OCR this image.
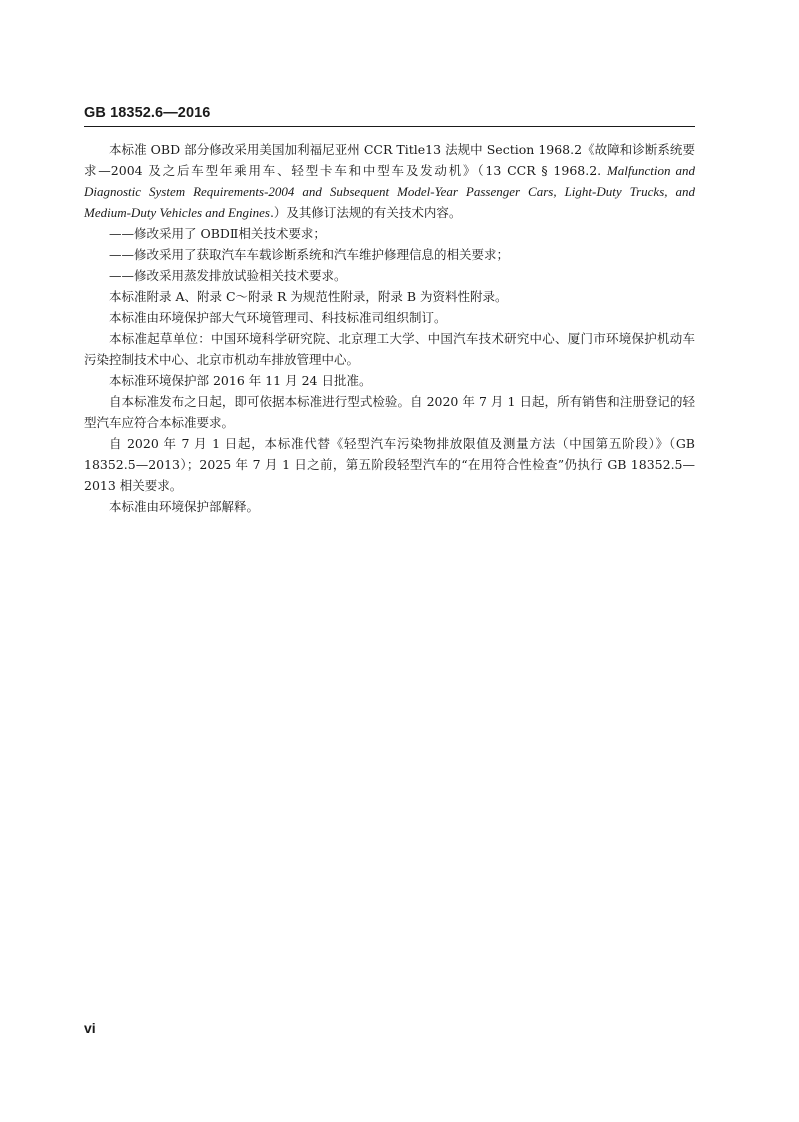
GB 18352.6—2016

本标准 OBD 部分修改采用美国加利福尼亚州 CCR Title13 法规中 Section 1968.2《故障和诊断系统要求—2004 及之后车型年乘用车、轻型卡车和中型车及发动机》（13 CCR § 1968.2. Malfunction and Diagnostic System Requirements-2004 and Subsequent Model-Year Passenger Cars, Light-Duty Trucks, and Medium-Duty Vehicles and Engines.）及其修订法规的有关技术内容。

——修改采用了 OBDⅡ相关技术要求；

——修改采用了获取汽车车载诊断系统和汽车维护修理信息的相关要求；

——修改采用蒸发排放试验相关技术要求。

本标准附录 A、附录 C～附录 R 为规范性附录，附录 B 为资料性附录。

本标准由环境保护部大气环境管理司、科技标准司组织制订。

本标准起草单位：中国环境科学研究院、北京理工大学、中国汽车技术研究中心、厦门市环境保护机动车污染控制技术中心、北京市机动车排放管理中心。

本标准环境保护部 2016 年 11 月 24 日批准。

自本标准发布之日起，即可依据本标准进行型式检验。自 2020 年 7 月 1 日起，所有销售和注册登记的轻型汽车应符合本标准要求。

自 2020 年 7 月 1 日起，本标准代替《轻型汽车污染物排放限值及测量方法（中国第五阶段）》（GB 18352.5—2013）；2025 年 7 月 1 日之前，第五阶段轻型汽车的“在用符合性检查”仍执行 GB 18352.5—2013 相关要求。

本标准由环境保护部解释。

vi
